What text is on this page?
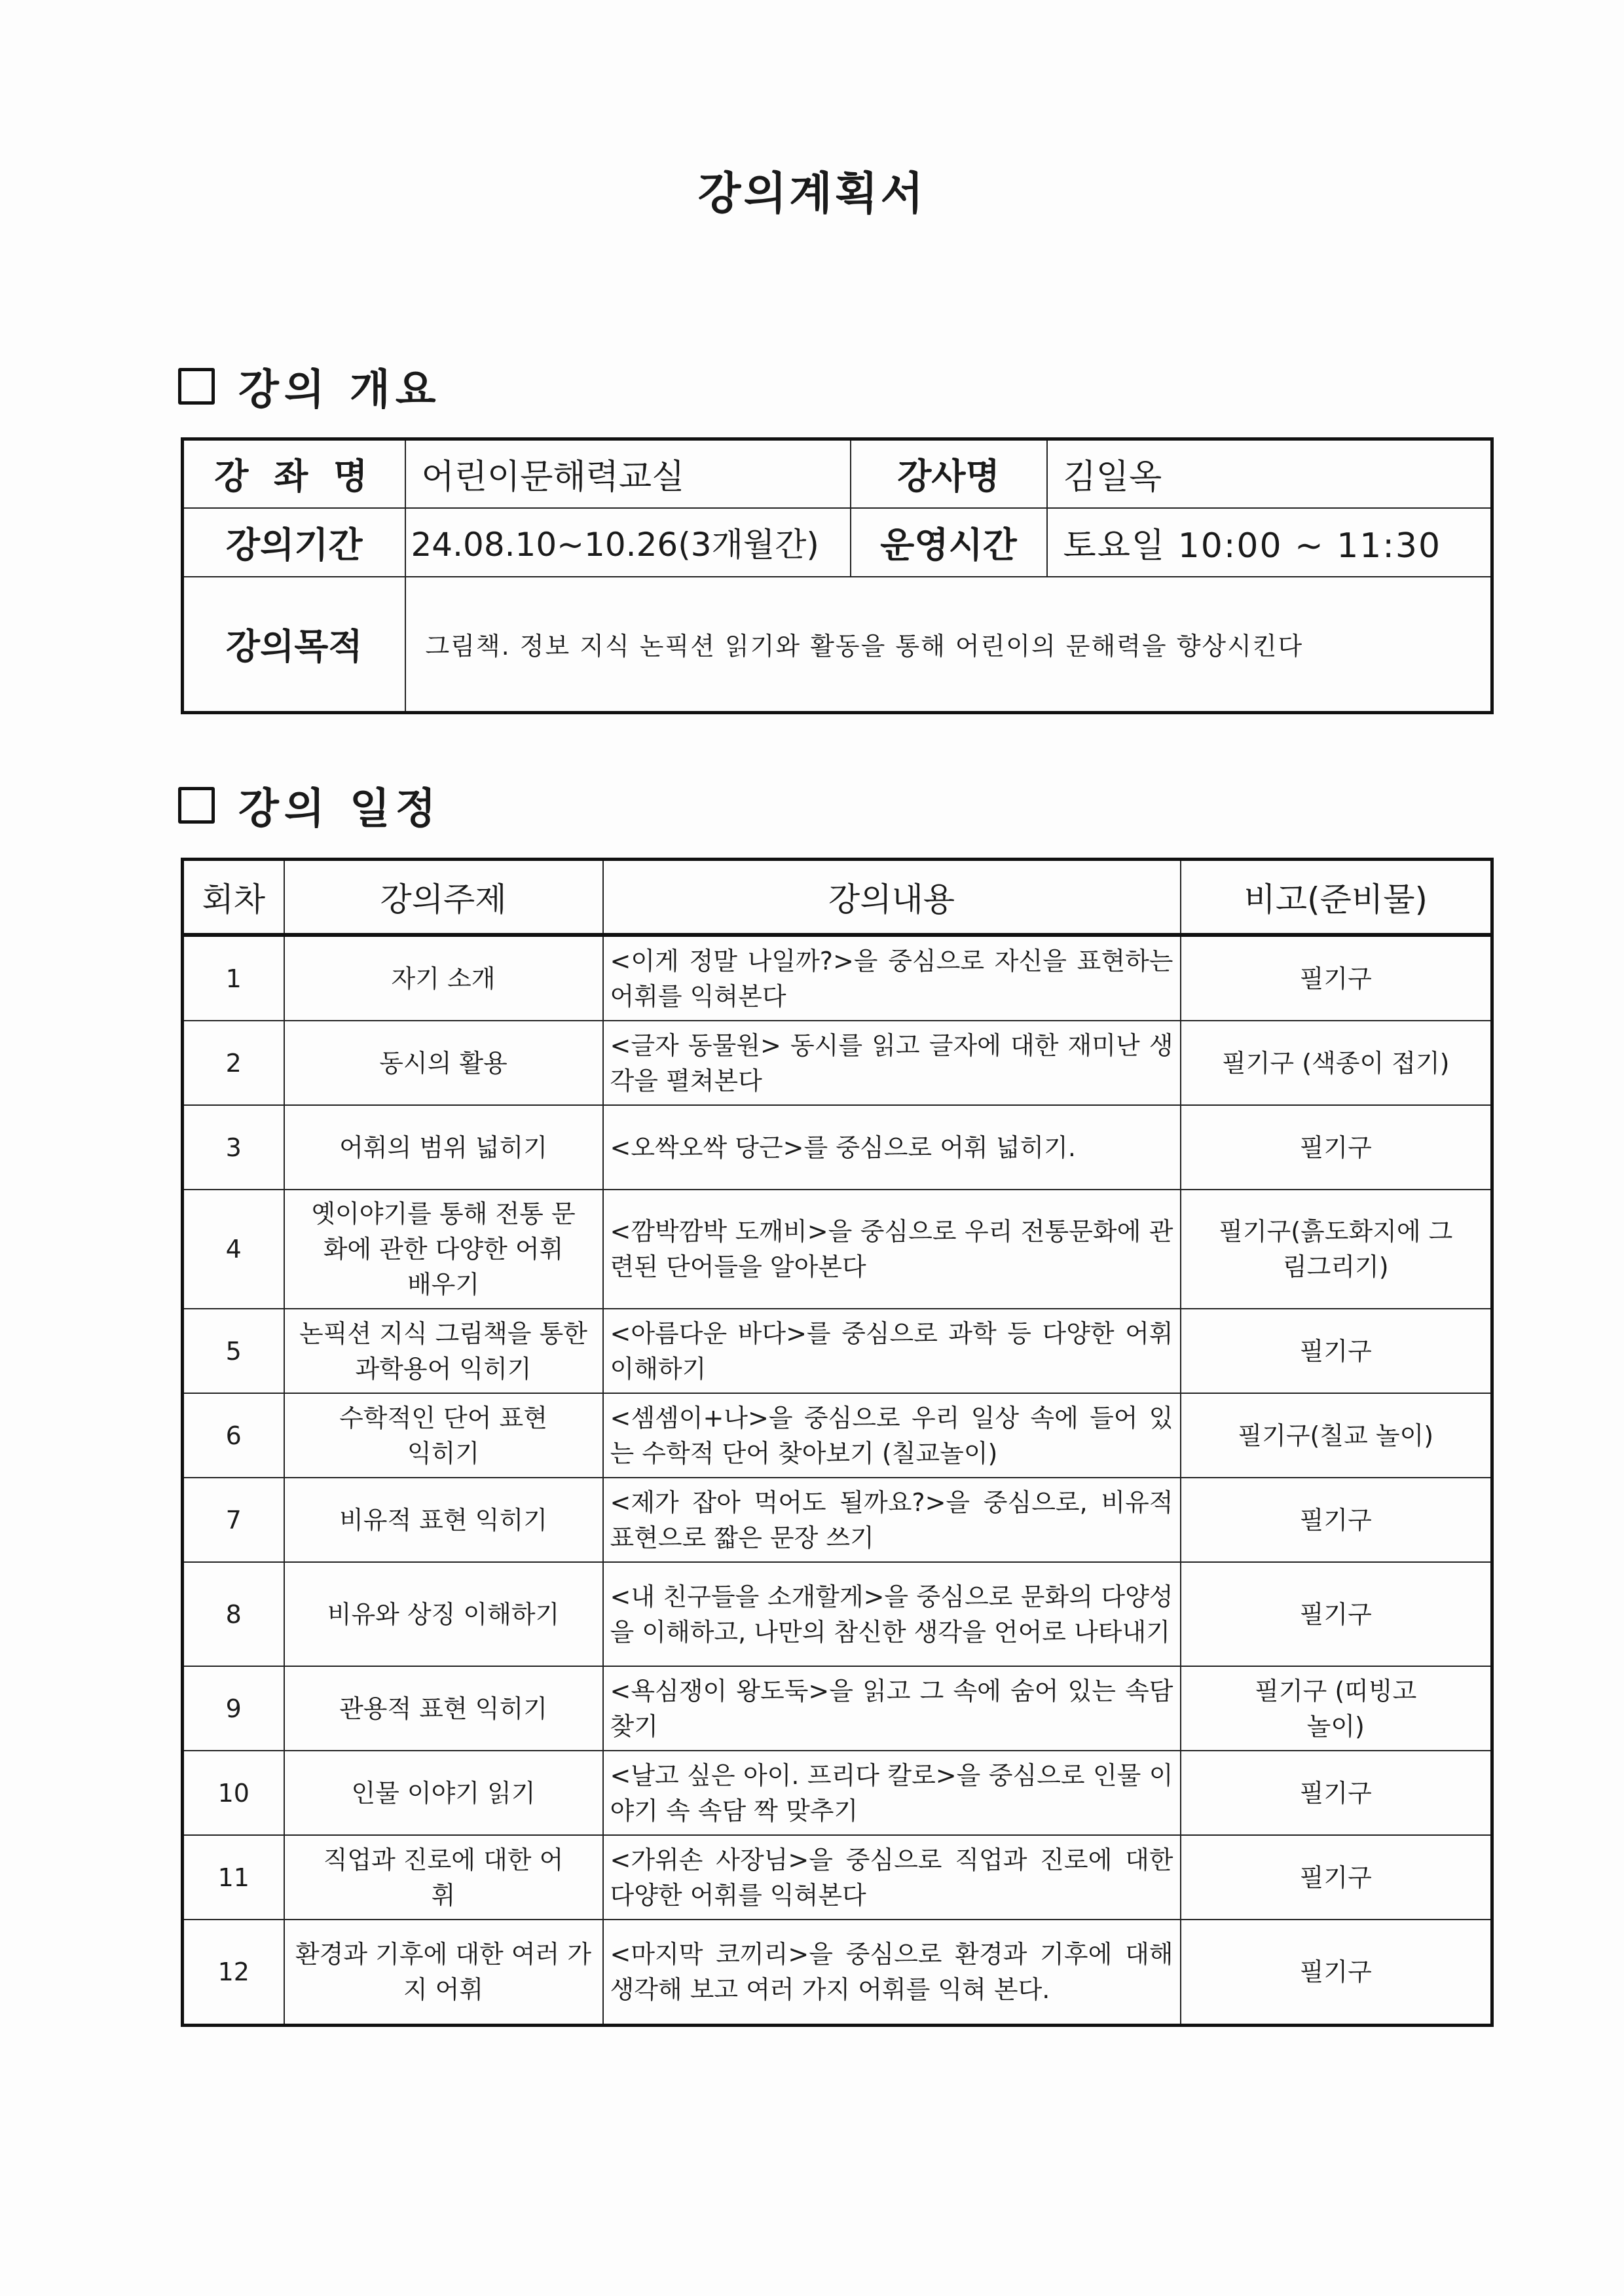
강의계획서
강의 개요
강 좌 명	어린이문해력교실	강사명	김일옥
강의기간	24.08.10~10.26(3개월간)	운영시간	토요일 10:00 ~ 11:30
강의목적	그림책. 정보 지식 논픽션 읽기와 활동을 통해 어린이의 문해력을 향상시킨다		
강의 일정
회차	강의주제	강의내용	비고(준비물)
1	자기 소개	<이게 정말 나일까?>을 중심으로 자신을 표현하는 어휘를 익혀본다	필기구
2	동시의 활용	<글자 동물원> 동시를 읽고 글자에 대한 재미난 생각을 펼쳐본다	필기구 (색종이 접기)
3	어휘의 범위 넓히기	<오싹오싹 당근>를 중심으로 어휘 넓히기.	필기구
4	옛이야기를 통해 전통 문화에 관한 다양한 어휘 배우기	<깜박깜박 도깨비>을 중심으로 우리 전통문화에 관련된 단어들을 알아본다	필기구(흙도화지에 그림그리기)
5	논픽션 지식 그림책을 통한 과학용어 익히기	<아름다운 바다>를 중심으로 과학 등 다양한 어휘 이해하기	필기구
6	수학적인 단어 표현 익히기	<셈셈이+나>을 중심으로 우리 일상 속에 들어 있는 수학적 단어 찾아보기 (칠교놀이)	필기구(칠교 놀이)
7	비유적 표현 익히기	<제가 잡아 먹어도 될까요?>을 중심으로, 비유적 표현으로 짧은 문장 쓰기	필기구
8	비유와 상징 이해하기	<내 친구들을 소개할게>을 중심으로 문화의 다양성을 이해하고, 나만의 참신한 생각을 언어로 나타내기	필기구
9	관용적 표현 익히기	<욕심쟁이 왕도둑>을 읽고 그 속에 숨어 있는 속담 찾기	필기구 (띠빙고 놀이)
10	인물 이야기 읽기	<날고 싶은 아이. 프리다 칼로>을 중심으로 인물 이야기 속 속담 짝 맞추기	필기구
11	직업과 진로에 대한 어휘	<가위손 사장님>을 중심으로 직업과 진로에 대한 다양한 어휘를 익혀본다	필기구
12	환경과 기후에 대한 여러 가지 어휘	<마지막 코끼리>을 중심으로 환경과 기후에 대해 생각해 보고 여러 가지 어휘를 익혀 본다.	필기구
